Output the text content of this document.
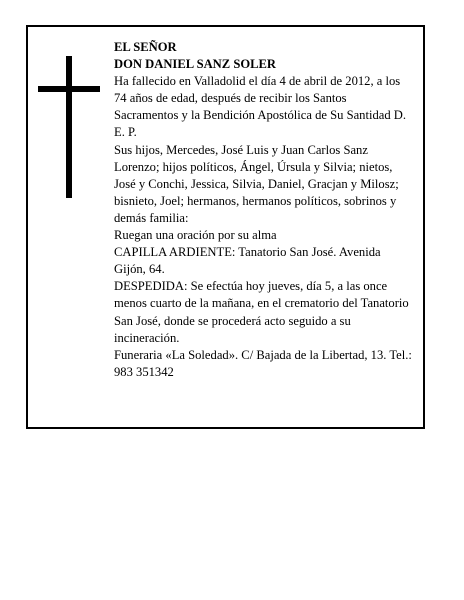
EL SEÑOR

DON DANIEL SANZ SOLER

Ha fallecido en Valladolid el día 4 de abril de 2012, a los 74 años de edad, después de recibir los Santos Sacramentos y la Bendición Apostólica de Su Santidad D. E. P.

Sus hijos, Mercedes, José Luis y Juan Carlos Sanz Lorenzo; hijos políticos, Ángel, Úrsula y Silvia; nietos, José y Conchi, Jessica, Silvia, Daniel, Gracjan y Milosz; bisnieto, Joel; hermanos, hermanos políticos, sobrinos y demás familia:

Ruegan una oración por su alma

CAPILLA ARDIENTE: Tanatorio San José. Avenida Gijón, 64.

DESPEDIDA: Se efectúa hoy jueves, día 5, a las once menos cuarto de la mañana, en el crematorio del Tanatorio San José, donde se procederá acto seguido a su incineración.

Funeraria «La Soledad». C/ Bajada de la Libertad, 13. Tel.: 983 351342
